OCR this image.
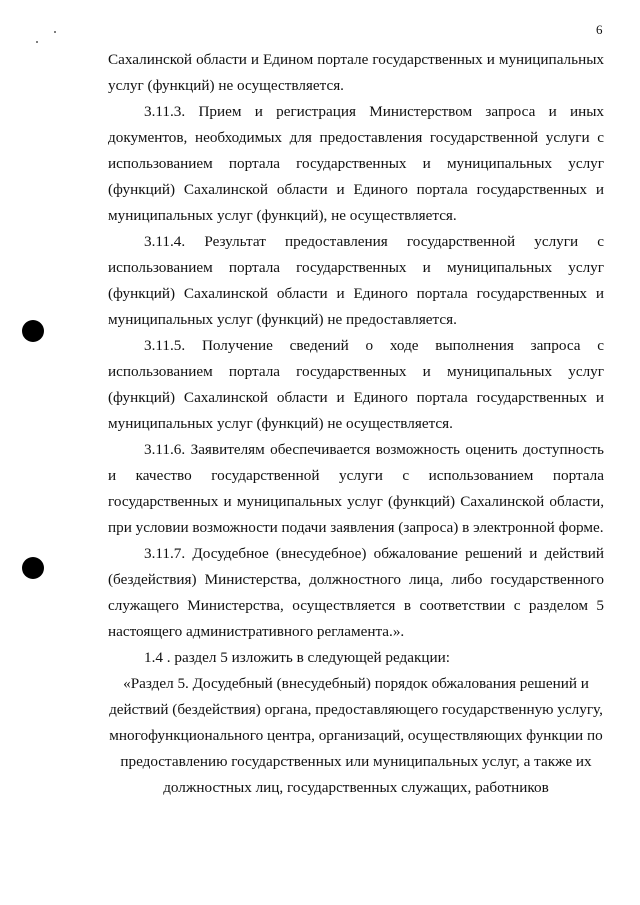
6

Сахалинской области и Едином портале государственных и муниципальных услуг (функций) не осуществляется.

3.11.3. Прием и регистрация Министерством запроса и иных документов, необходимых для предоставления государственной услуги с использованием портала государственных и муниципальных услуг (функций) Сахалинской области и Единого портала государственных и муниципальных услуг (функций), не осуществляется.

3.11.4. Результат предоставления государственной услуги с использованием портала государственных и муниципальных услуг (функций) Сахалинской области и Единого портала государственных и муниципальных услуг (функций) не предоставляется.

3.11.5. Получение сведений о ходе выполнения запроса с использованием портала государственных и муниципальных услуг (функций) Сахалинской области и Единого портала государственных и муниципальных услуг (функций) не осуществляется.

3.11.6. Заявителям обеспечивается возможность оценить доступность и качество государственной услуги с использованием портала государственных и муниципальных услуг (функций) Сахалинской области, при условии возможности подачи заявления (запроса) в электронной форме.

3.11.7. Досудебное (внесудебное) обжалование решений и действий (бездействия) Министерства, должностного лица, либо государственного служащего Министерства, осуществляется в соответствии с разделом 5 настоящего административного регламента.».

1.4 . раздел 5 изложить в следующей редакции:

«Раздел 5. Досудебный (внесудебный) порядок обжалования решений и действий (бездействия) органа, предоставляющего государственную услугу, многофункционального центра, организаций, осуществляющих функции по предоставлению государственных или муниципальных услуг, а также их должностных лиц, государственных служащих, работников
